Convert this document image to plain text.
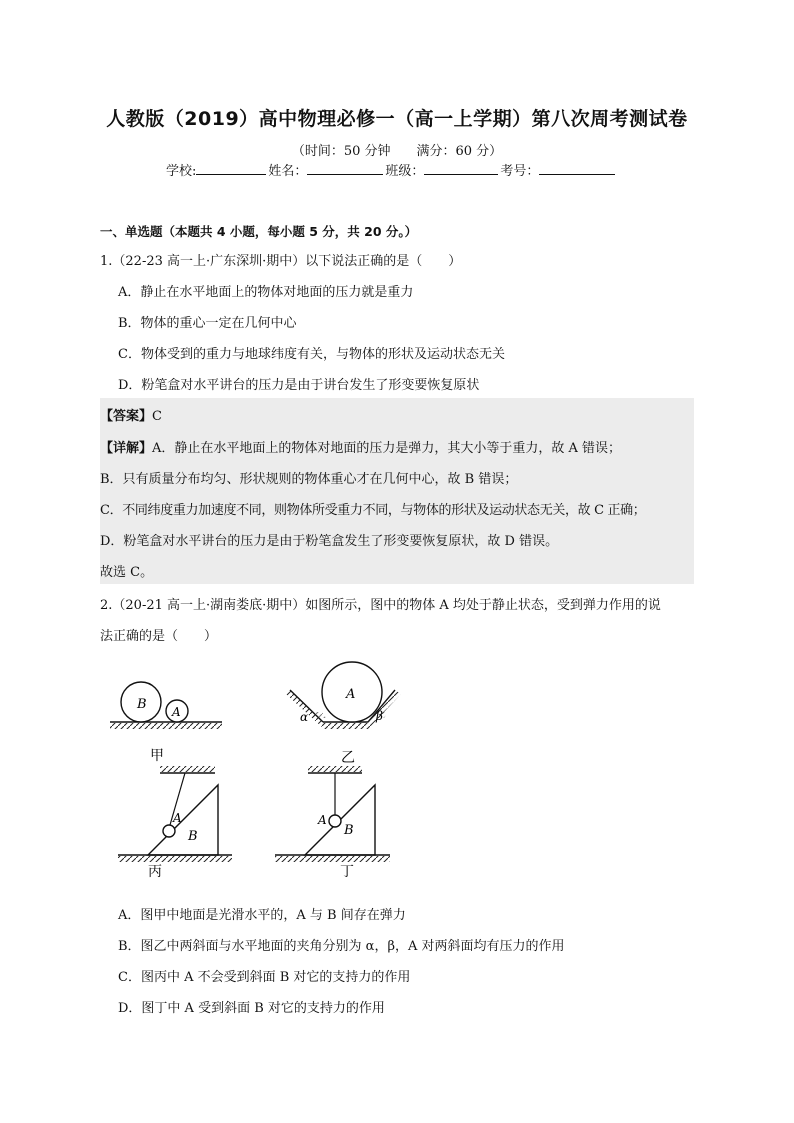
人教版（2019）高中物理必修一（高一上学期）第八次周考测试卷
（时间：50 分钟　　满分：60 分）
学校:	姓名：	班级：	考号：
一、单选题（本题共 4 小题，每小题 5 分，共 20 分。）
1.（22-23 高一上·广东深圳·期中）以下说法正确的是（　　）
A．静止在水平地面上的物体对地面的压力就是重力
B．物体的重心一定在几何中心
C．物体受到的重力与地球纬度有关，与物体的形状及运动状态无关
D．粉笔盒对水平讲台的压力是由于讲台发生了形变要恢复原状
【答案】C
【详解】A．静止在水平地面上的物体对地面的压力是弹力，其大小等于重力，故 A 错误；
B．只有质量分布均匀、形状规则的物体重心才在几何中心，故 B 错误；
C．不同纬度重力加速度不同，则物体所受重力不同，与物体的形状及运动状态无关，故 C 正确；
D．粉笔盒对水平讲台的压力是由于粉笔盒发生了形变要恢复原状，故 D 错误。
故选 C。
2.（20-21 高一上·湖南娄底·期中）如图所示，图中的物体 A 均处于静止状态，受到弹力作用的说
法正确的是（　　）
B A
甲
A
α	β
乙
A
B
丙
A
B
丁
A．图甲中地面是光滑水平的，A 与 B 间存在弹力
B．图乙中两斜面与水平地面的夹角分别为 α，β，A 对两斜面均有压力的作用
C．图丙中 A 不会受到斜面 B 对它的支持力的作用
D．图丁中 A 受到斜面 B 对它的支持力的作用
